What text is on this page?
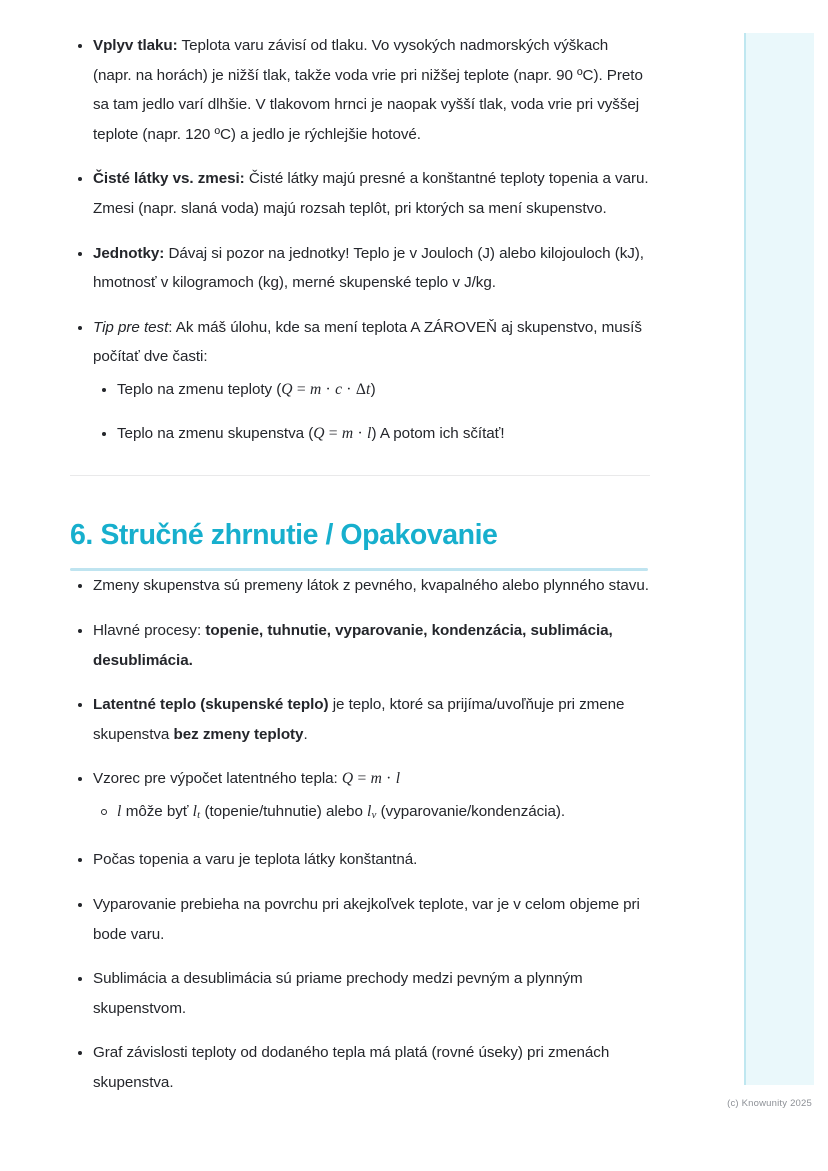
Vplyv tlaku: Teplota varu závisí od tlaku. Vo vysokých nadmorských výškach (napr. na horách) je nižší tlak, takže voda vrie pri nižšej teplote (napr. 90 ºC). Preto sa tam jedlo varí dlhšie. V tlakovom hrnci je naopak vyšší tlak, voda vrie pri vyššej teplote (napr. 120 ºC) a jedlo je rýchlejšie hotové.
Čisté látky vs. zmesi: Čisté látky majú presné a konštantné teploty topenia a varu. Zmesi (napr. slaná voda) majú rozsah teplôt, pri ktorých sa mení skupenstvo.
Jednotky: Dávaj si pozor na jednotky! Teplo je v Jouloch (J) alebo kilojouloch (kJ), hmotnosť v kilogramoch (kg), merné skupenské teplo v J/kg.
Tip pre test: Ak máš úlohu, kde sa mení teplota A ZÁROVEŇ aj skupenstvo, musíš počítať dve časti:
Teplo na zmenu teploty (Q = m · c · Δt)
Teplo na zmenu skupenstva (Q = m · l) A potom ich sčítať!
6. Stručné zhrnutie / Opakovanie
Zmeny skupenstva sú premeny látok z pevného, kvapalného alebo plynného stavu.
Hlavné procesy: topenie, tuhnutie, vyparovanie, kondenzácia, sublimácia, desublimácia.
Latentné teplo (skupenské teplo) je teplo, ktoré sa prijíma/uvoľňuje pri zmene skupenstva bez zmeny teploty.
Vzorec pre výpočet latentného tepla: Q = m · l
l môže byť $l_t$ (topenie/tuhnutie) alebo $l_v$ (vyparovanie/kondenzácia).
Počas topenia a varu je teplota látky konštantná.
Vyparovanie prebieha na povrchu pri akejkoľvek teplote, var je v celom objeme pri bode varu.
Sublimácia a desublimácia sú priame prechody medzi pevným a plynným skupenstvom.
Graf závislosti teploty od dodaného tepla má platá (rovné úseky) pri zmenách skupenstva.
(c) Knowunity 2025
